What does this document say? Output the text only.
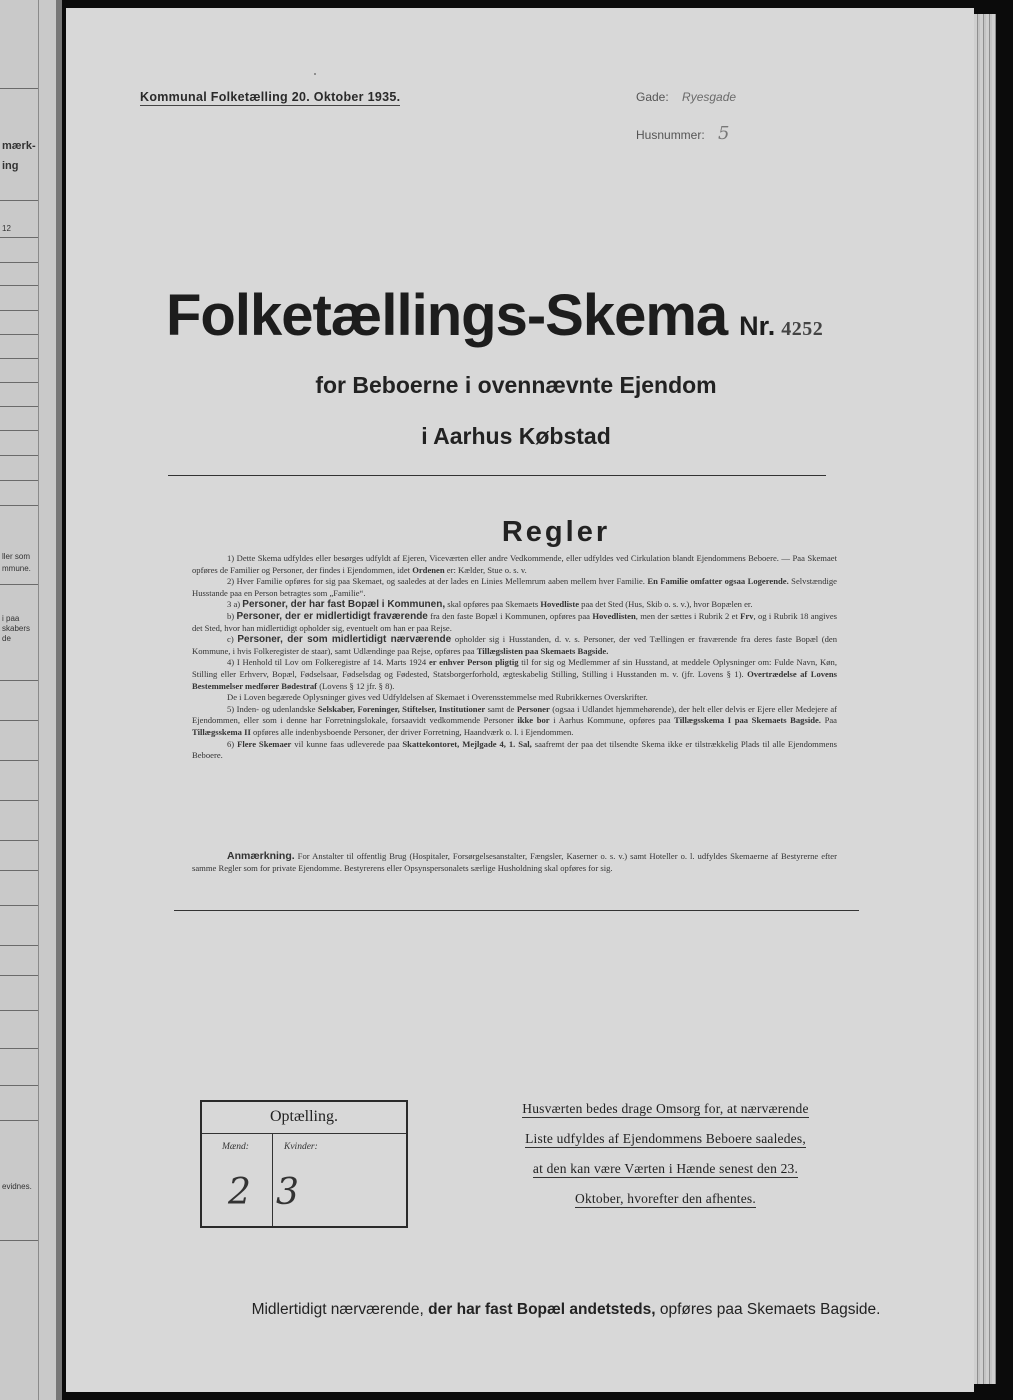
mærk-
ing
12
ller som
mmune.
i paa
skabers
de
evidnes.
Kommunal Folketælling 20. Oktober 1935.	Gade: Ryesgade
Husnummer: 5
Folketællings-Skema Nr. 4252
for Beboerne i ovennævnte Ejendom
i Aarhus Købstad
Regler

1) Dette Skema udfyldes eller besørges udfyldt af Ejeren, Viceværten eller andre Vedkommende, eller udfyldes ved Cirkulation blandt Ejendommens Beboere. — Paa Skemaet opføres de Familier og Personer, der findes i Ejendommen, idet Ordenen er: Kælder, Stue o. s. v.

2) Hver Familie opføres for sig paa Skemaet, og saaledes at der lades en Linies Mellemrum aaben mellem hver Familie. En Familie omfatter ogsaa Logerende. Selvstændige Husstande paa en Person betragtes som „Familie“.

3 a) Personer, der har fast Bopæl i Kommunen, skal opføres paa Skemaets Hovedliste paa det Sted (Hus, Skib o. s. v.), hvor Bopælen er.

b) Personer, der er midlertidigt fraværende fra den faste Bopæl i Kommunen, opføres paa Hovedlisten, men der sættes i Rubrik 2 et Frv, og i Rubrik 18 angives det Sted, hvor han midlertidigt opholder sig, eventuelt om han er paa Rejse.

c) Personer, der som midlertidigt nærværende opholder sig i Husstanden, d. v. s. Personer, der ved Tællingen er fraværende fra deres faste Bopæl (den Kommune, i hvis Folkeregister de staar), samt Udlændinge paa Rejse, opføres paa Tillægslisten paa Skemaets Bagside.

4) I Henhold til Lov om Folkeregistre af 14. Marts 1924 er enhver Person pligtig til for sig og Medlemmer af sin Husstand, at meddele Oplysninger om: Fulde Navn, Køn, Stilling eller Erhverv, Bopæl, Fødselsaar, Fødselsdag og Fødested, Statsborgerforhold, ægteskabelig Stilling, Stilling i Husstanden m. v. (jfr. Lovens § 1). Overtrædelse af Lovens Bestemmelser medfører Bødestraf (Lovens § 12 jfr. § 8).

De i Loven begærede Oplysninger gives ved Udfyldelsen af Skemaet i Overensstemmelse med Rubrikkernes Overskrifter.

5) Inden- og udenlandske Selskaber, Foreninger, Stiftelser, Institutioner samt de Personer (ogsaa i Udlandet hjemmehørende), der helt eller delvis er Ejere eller Medejere af Ejendommen, eller som i denne har Forretningslokale, forsaavidt vedkommende Personer ikke bor i Aarhus Kommune, opføres paa Tillægsskema I paa Skemaets Bagside. Paa Tillægsskema II opføres alle indenbysboende Personer, der driver Forretning, Haandværk o. l. i Ejendommen.

6) Flere Skemaer vil kunne faas udleverede paa Skattekontoret, Mejlgade 4, 1. Sal, saafremt der paa det tilsendte Skema ikke er tilstrækkelig Plads til alle Ejendommens Beboere.

Anmærkning. For Anstalter til offentlig Brug (Hospitaler, Forsørgelsesanstalter, Fængsler, Kaserner o. s. v.) samt Hoteller o. l. udfyldes Skemaerne af Bestyrerne efter samme Regler som for private Ejendomme. Bestyrerens eller Opsynspersonalets særlige Husholdning skal opføres for sig.
Optælling.
Mænd:	Kvinder:
2 3
Husværten bedes drage Omsorg for, at nærværende
Liste udfyldes af Ejendommens Beboere saaledes,
at den kan være Værten i Hænde senest den 23.
Oktober, hvorefter den afhentes.
Midlertidigt nærværende, der har fast Bopæl andetsteds, opføres paa Skemaets Bagside.
